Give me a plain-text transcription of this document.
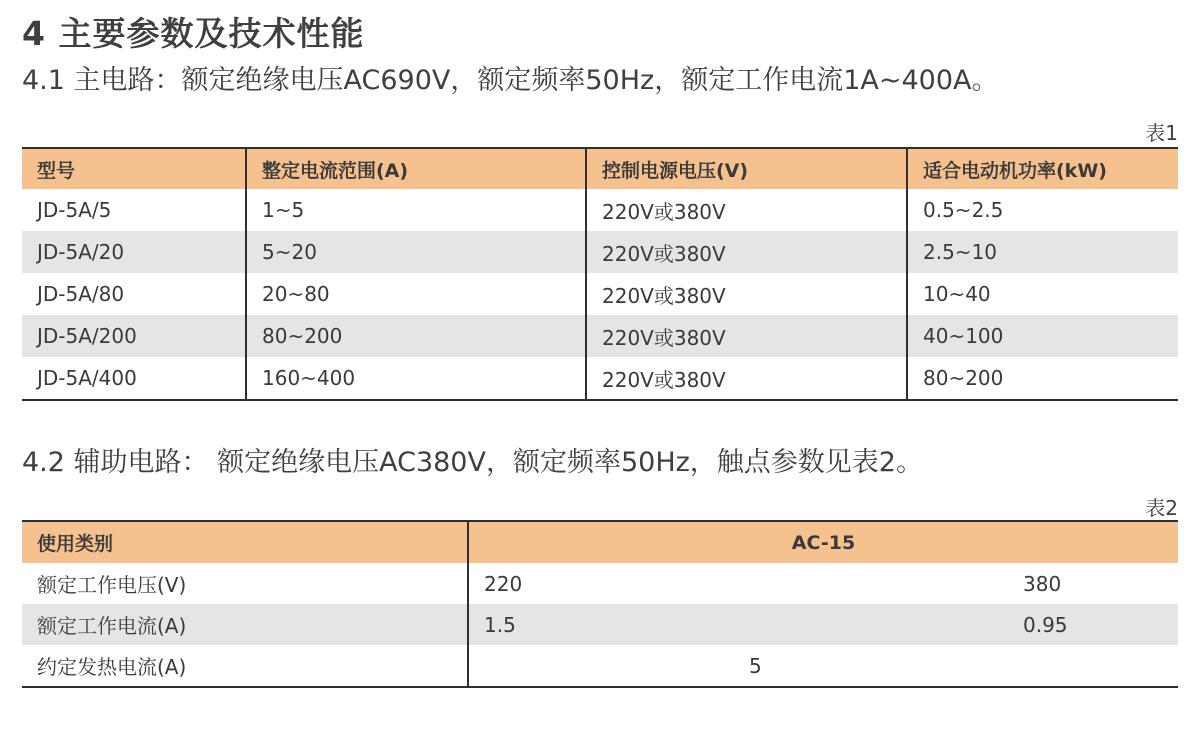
4 主要参数及技术性能
4.1 主电路：额定绝缘电压AC690V，额定频率50Hz，额定工作电流1A~400A。
表1
型号	整定电流范围(A)	控制电源电压(V)	适合电动机功率(kW)
JD-5A/5	1~5	220V或380V	0.5~2.5
JD-5A/20	5~20	220V或380V	2.5~10
JD-5A/80	20~80	220V或380V	10~40
JD-5A/200	80~200	220V或380V	40~100
JD-5A/400	160~400	220V或380V	80~200
4.2 辅助电路： 额定绝缘电压AC380V，额定频率50Hz，触点参数见表2。
表2
使用类别	AC-15	
额定工作电压(V)	220	380
额定工作电流(A)	1.5	0.95
约定发热电流(A)	5	
